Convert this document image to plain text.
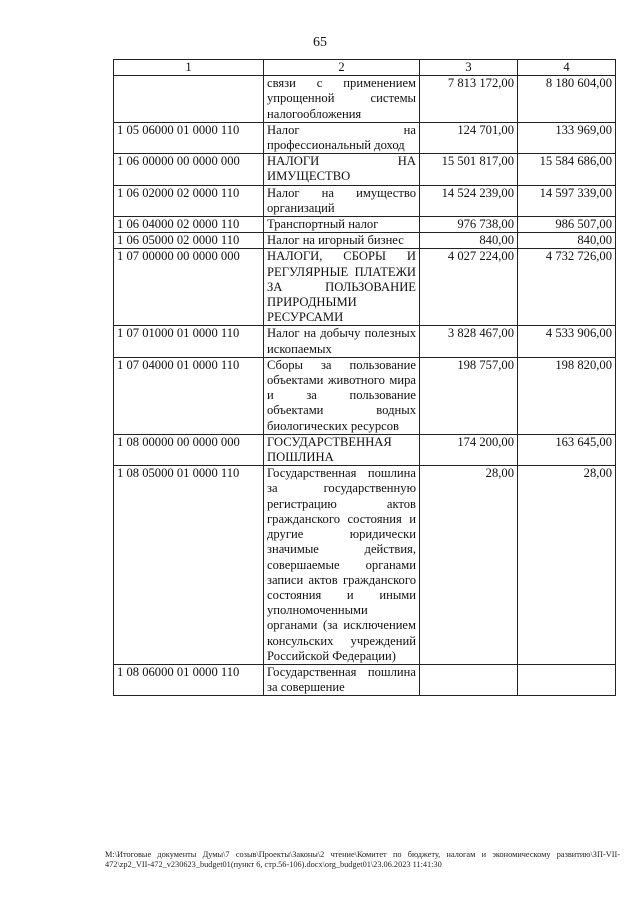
65
1	2	3	4
	связи с применением упрощенной системы налогообложения	7 813 172,00	8 180 604,00
1 05 06000 01 0000 110	Налог на профессиональный доход	124 701,00	133 969,00
1 06 00000 00 0000 000	НАЛОГИ НА ИМУЩЕСТВО	15 501 817,00	15 584 686,00
1 06 02000 02 0000 110	Налог на имущество организаций	14 524 239,00	14 597 339,00
1 06 04000 02 0000 110	Транспортный налог	976 738,00	986 507,00
1 06 05000 02 0000 110	Налог на игорный бизнес	840,00	840,00
1 07 00000 00 0000 000	НАЛОГИ, СБОРЫ И РЕГУЛЯРНЫЕ ПЛАТЕЖИ ЗА ПОЛЬЗОВАНИЕ ПРИРОДНЫМИ РЕСУРСАМИ	4 027 224,00	4 732 726,00
1 07 01000 01 0000 110	Налог на добычу полезных ископаемых	3 828 467,00	4 533 906,00
1 07 04000 01 0000 110	Сборы за пользование объектами животного мира и за пользование объектами водных биологических ресурсов	198 757,00	198 820,00
1 08 00000 00 0000 000	ГОСУДАРСТВЕННАЯ ПОШЛИНА	174 200,00	163 645,00
1 08 05000 01 0000 110	Государственная пошлина за государственную регистрацию актов гражданского состояния и другие юридически значимые действия, совершаемые органами записи актов гражданского состояния и иными уполномоченными органами (за исключением консульских учреждений Российской Федерации)	28,00	28,00
1 08 06000 01 0000 110	Государственная пошлина за совершение		
М:\Итоговые документы Думы\7 созыв\Проекты\Законы\2 чтение\Комитет по бюджету, налогам и экономическому развитию\ЗП-VII-472\zp2_VII-472_v230623_budget01(пункт 6, стр.56-106).docx\org_budget01\23.06.2023 11:41:30
